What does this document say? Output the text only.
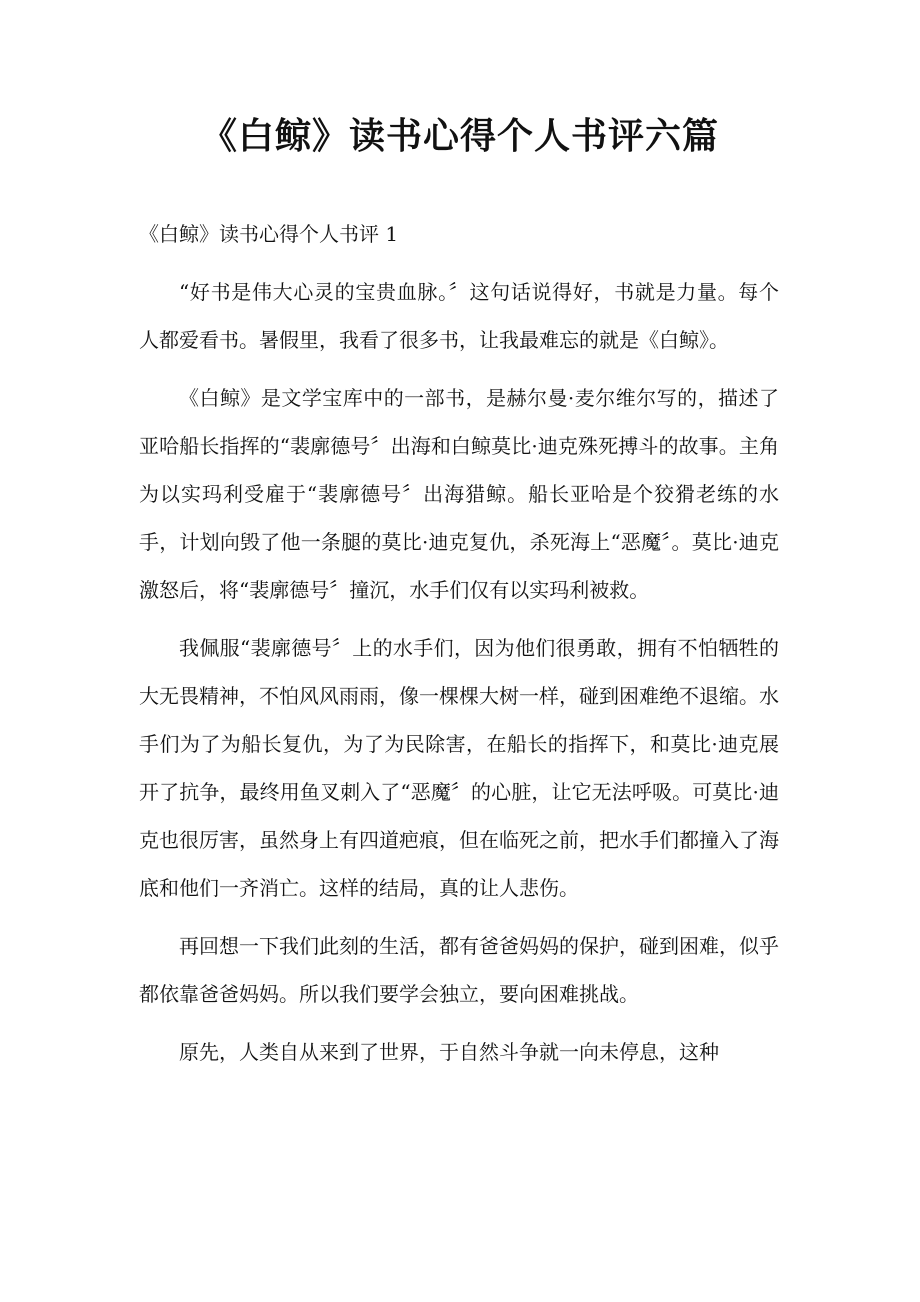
《白鲸》读书心得个人书评六篇

《白鲸》读书心得个人书评 1

“好书是伟大心灵的宝贵血脉。〞这句话说得好，书就是力量。每个人都爱看书。暑假里，我看了很多书，让我最难忘的就是《白鲸》。

《白鲸》是文学宝库中的一部书，是赫尔曼·麦尔维尔写的，描述了亚哈船长指挥的“裴廓德号〞出海和白鲸莫比·迪克殊死搏斗的故事。主角为以实玛利受雇于“裴廓德号〞出海猎鲸。船长亚哈是个狡猾老练的水手，计划向毁了他一条腿的莫比·迪克复仇，杀死海上“恶魔〞。莫比·迪克激怒后，将“裴廓德号〞撞沉，水手们仅有以实玛利被救。

我佩服“裴廓德号〞上的水手们，因为他们很勇敢，拥有不怕牺牲的大无畏精神，不怕风风雨雨，像一棵棵大树一样，碰到困难绝不退缩。水手们为了为船长复仇，为了为民除害，在船长的指挥下，和莫比·迪克展开了抗争，最终用鱼叉刺入了“恶魔〞的心脏，让它无法呼吸。可莫比·迪克也很厉害，虽然身上有四道疤痕，但在临死之前，把水手们都撞入了海底和他们一齐消亡。这样的结局，真的让人悲伤。

再回想一下我们此刻的生活，都有爸爸妈妈的保护，碰到困难，似乎都依靠爸爸妈妈。所以我们要学会独立，要向困难挑战。

原先，人类自从来到了世界，于自然斗争就一向未停息，这种
